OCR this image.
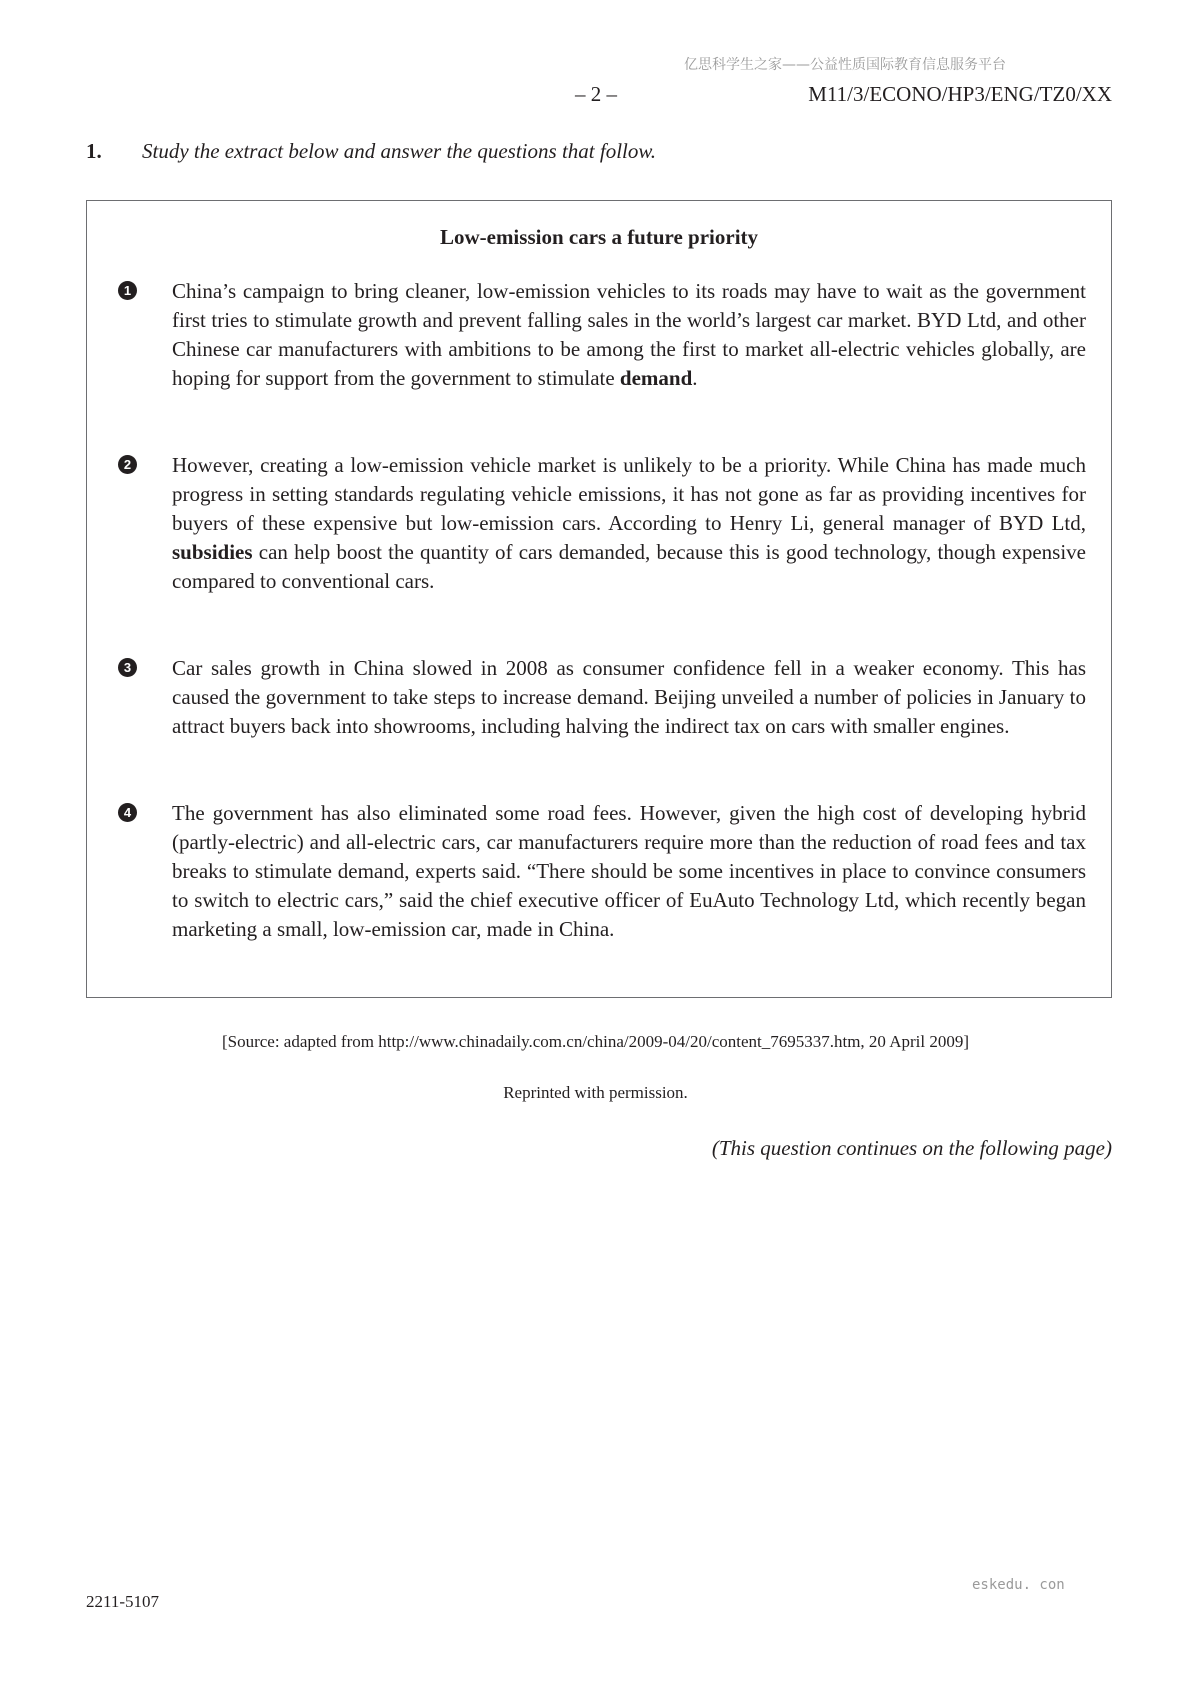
亿思科学生之家——公益性质国际教育信息服务平台
– 2 –	M11/3/ECONO/HP3/ENG/TZ0/XX
1. Study the extract below and answer the questions that follow.
Low-emission cars a future priority
1 China’s campaign to bring cleaner, low-emission vehicles to its roads may have to wait as the government first tries to stimulate growth and prevent falling sales in the world’s largest car market. BYD Ltd, and other Chinese car manufacturers with ambitions to be among the first to market all-electric vehicles globally, are hoping for support from the government to stimulate demand.
2 However, creating a low-emission vehicle market is unlikely to be a priority. While China has made much progress in setting standards regulating vehicle emissions, it has not gone as far as providing incentives for buyers of these expensive but low-emission cars. According to Henry Li, general manager of BYD Ltd, subsidies can help boost the quantity of cars demanded, because this is good technology, though expensive compared to conventional cars.
3 Car sales growth in China slowed in 2008 as consumer confidence fell in a weaker economy. This has caused the government to take steps to increase demand. Beijing unveiled a number of policies in January to attract buyers back into showrooms, including halving the indirect tax on cars with smaller engines.
4 The government has also eliminated some road fees. However, given the high cost of developing hybrid (partly-electric) and all-electric cars, car manufacturers require more than the reduction of road fees and tax breaks to stimulate demand, experts said. “There should be some incentives in place to convince consumers to switch to electric cars,” said the chief executive officer of EuAuto Technology Ltd, which recently began marketing a small, low-emission car, made in China.
[Source: adapted from http://www.chinadaily.com.cn/china/2009-04/20/content_7695337.htm, 20 April 2009]
Reprinted with permission.
(This question continues on the following page)
eskedu. con
2211-5107
